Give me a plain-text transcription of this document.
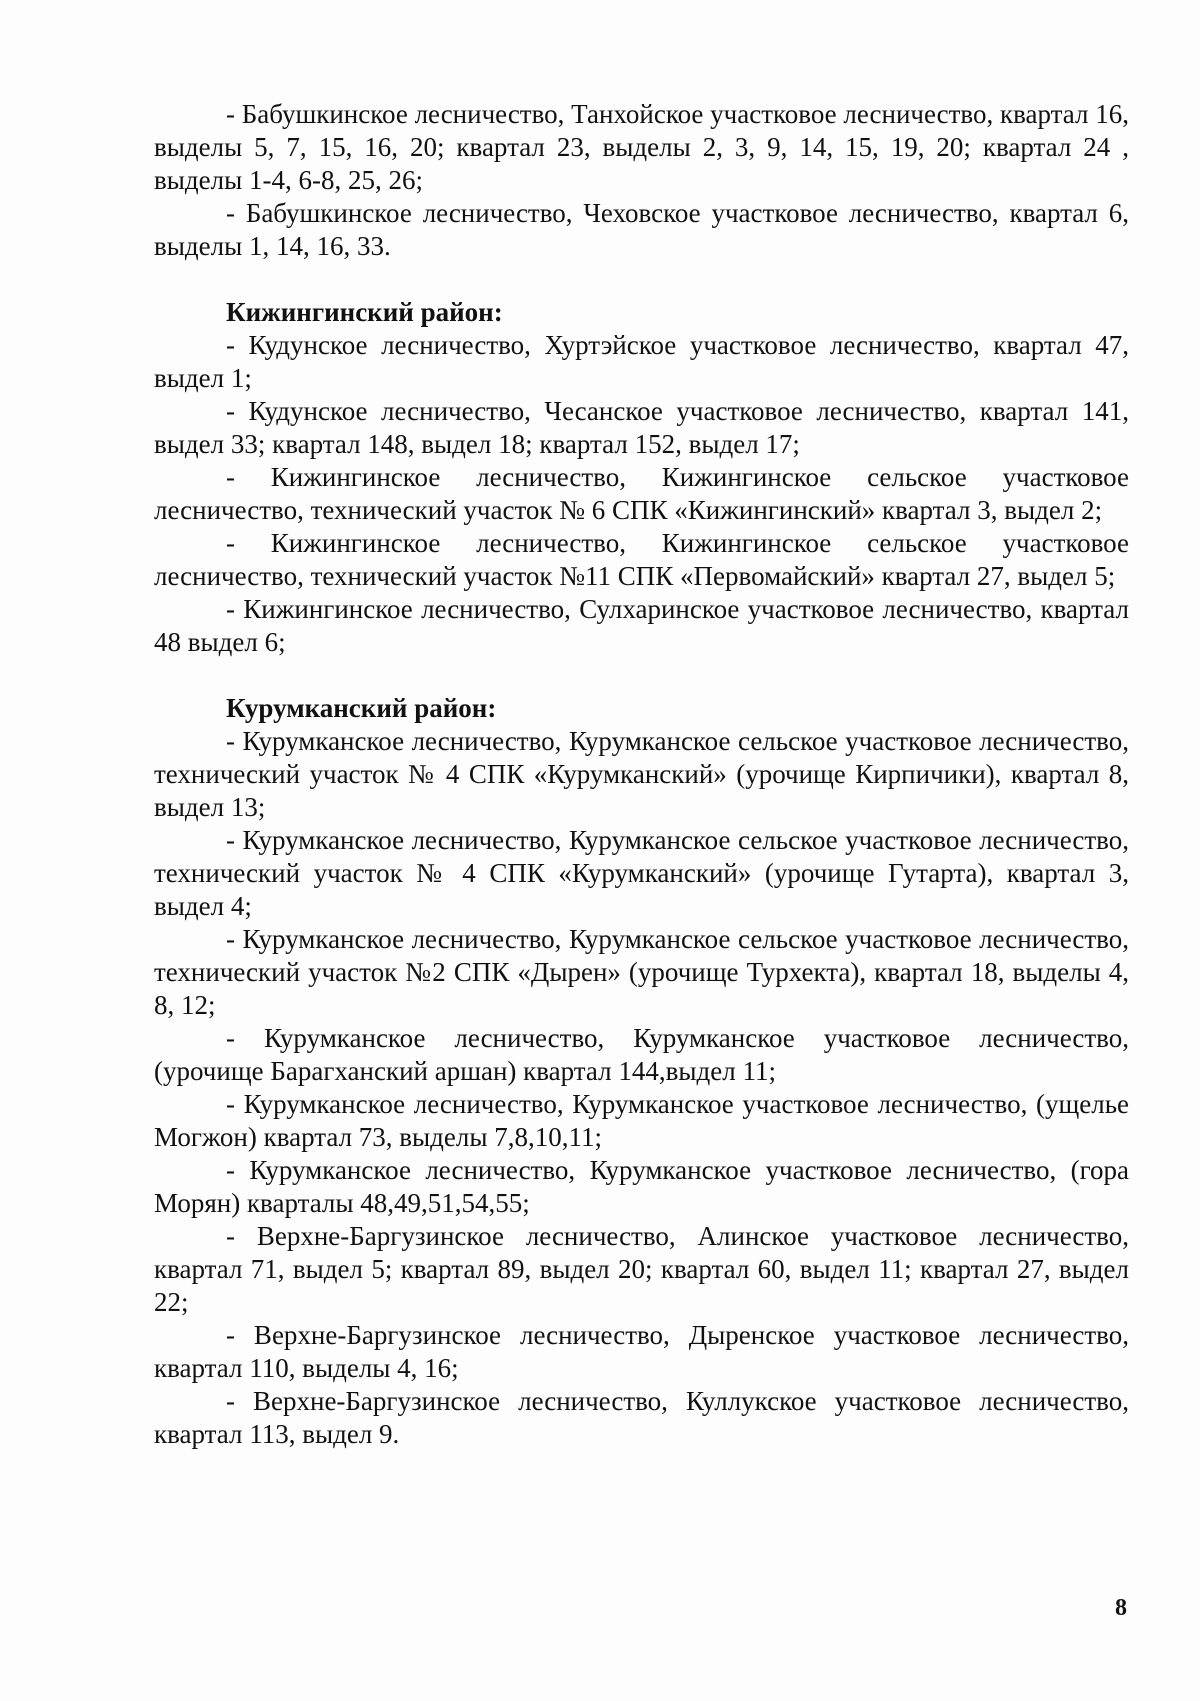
- Бабушкинское лесничество, Танхойское участковое лесничество, квартал 16, выделы 5, 7, 15, 16, 20; квартал 23, выделы 2, 3, 9, 14, 15, 19, 20; квартал 24 , выделы 1-4, 6-8, 25, 26;

- Бабушкинское лесничество, Чеховское участковое лесничество, квартал 6, выделы 1, 14, 16, 33.

Кижингинский район:

- Кудунское лесничество, Хуртэйское участковое лесничество, квартал 47, выдел 1;

- Кудунское лесничество, Чесанское участковое лесничество, квартал 141, выдел 33; квартал 148, выдел 18; квартал 152, выдел 17;

- Кижингинское лесничество, Кижингинское сельское участковое лесничество, технический участок № 6 СПК «Кижингинский» квартал 3, выдел 2;

- Кижингинское лесничество, Кижингинское сельское участковое лесничество, технический участок №11 СПК «Первомайский» квартал 27, выдел 5;

- Кижингинское лесничество, Сулхаринское участковое лесничество, квартал 48 выдел 6;

Курумканский район:

- Курумканское лесничество, Курумканское сельское участковое лесничество, технический участок № 4 СПК «Курумканский» (урочище Кирпичики), квартал 8, выдел 13;

- Курумканское лесничество, Курумканское сельское участковое лесничество, технический участок № 4 СПК «Курумканский» (урочище Гутарта), квартал 3, выдел 4;

- Курумканское лесничество, Курумканское сельское участковое лесничество, технический участок №2 СПК «Дырен» (урочище Турхекта), квартал 18, выделы 4, 8, 12;

- Курумканское лесничество, Курумканское участковое лесничество, (урочище Барагханский аршан) квартал 144,выдел 11;

- Курумканское лесничество, Курумканское участковое лесничество, (ущелье Могжон) квартал 73, выделы 7,8,10,11;

- Курумканское лесничество, Курумканское участковое лесничество, (гора Морян) кварталы 48,49,51,54,55;

- Верхне-Баргузинское лесничество, Алинское участковое лесничество, квартал 71, выдел 5; квартал 89, выдел 20; квартал 60, выдел 11; квартал 27, выдел 22;

- Верхне-Баргузинское лесничество, Дыренское участковое лесничество, квартал 110, выделы 4, 16;

- Верхне-Баргузинское лесничество, Куллукское участковое лесничество, квартал 113, выдел 9.

8
